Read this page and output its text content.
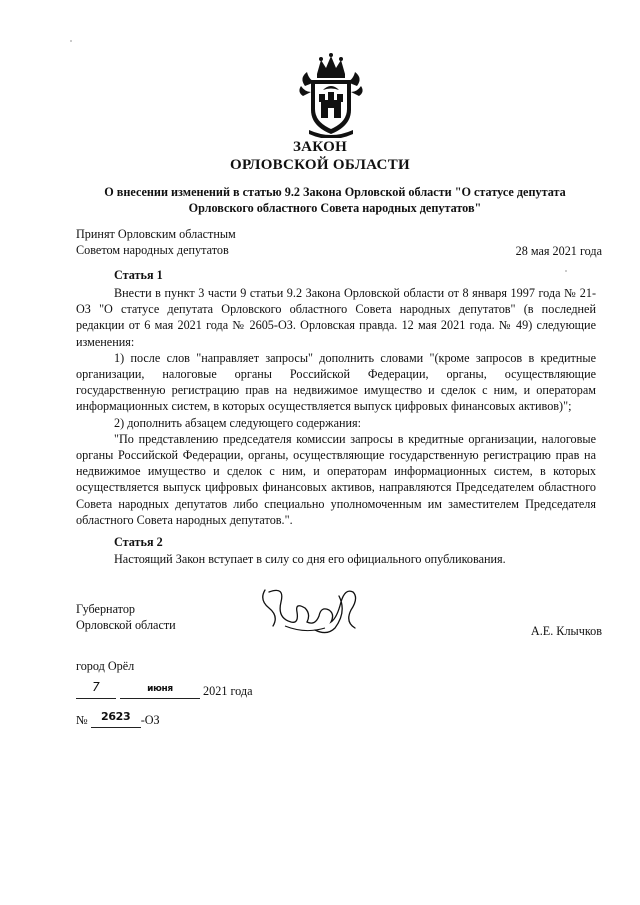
ЗАКОН
ОРЛОВСКОЙ ОБЛАСТИ
О внесении изменений в статью 9.2 Закона Орловской области "О статусе депутата
Орловского областного Совета народных депутатов"
Принят Орловским областным
Советом народных депутатов	28 мая 2021 года
Статья 1

Внести в пункт 3 части 9 статьи 9.2 Закона Орловской области от 8 января 1997 года № 21-ОЗ "О статусе депутата Орловского областного Совета народных депутатов" (в последней редакции от 6 мая 2021 года № 2605-ОЗ. Орловская правда. 12 мая 2021 года. № 49) следующие изменения:

1) после слов "направляет запросы" дополнить словами "(кроме запросов в кредитные организации, налоговые органы Российской Федерации, органы, осуществляющие государственную регистрацию прав на недвижимое имущество и сделок с ним, и операторам информационных систем, в которых осуществляется выпуск цифровых финансовых активов)";

2) дополнить абзацем следующего содержания:

"По представлению председателя комиссии запросы в кредитные организации, налоговые органы Российской Федерации, органы, осуществляющие государственную регистрацию прав на недвижимое имущество и сделок с ним, и операторам информационных систем, в которых осуществляется выпуск цифровых финансовых активов, направляются Председателем областного Совета народных депутатов либо специально уполномоченным им заместителем Председателя областного Совета народных депутатов.".

Статья 2

Настоящий Закон вступает в силу со дня его официального опубликования.

Губернатор
Орловской области	А.Е. Клычков
город Орёл
7	$^{июня}$ 2021 года
№ 2623 -ОЗ
